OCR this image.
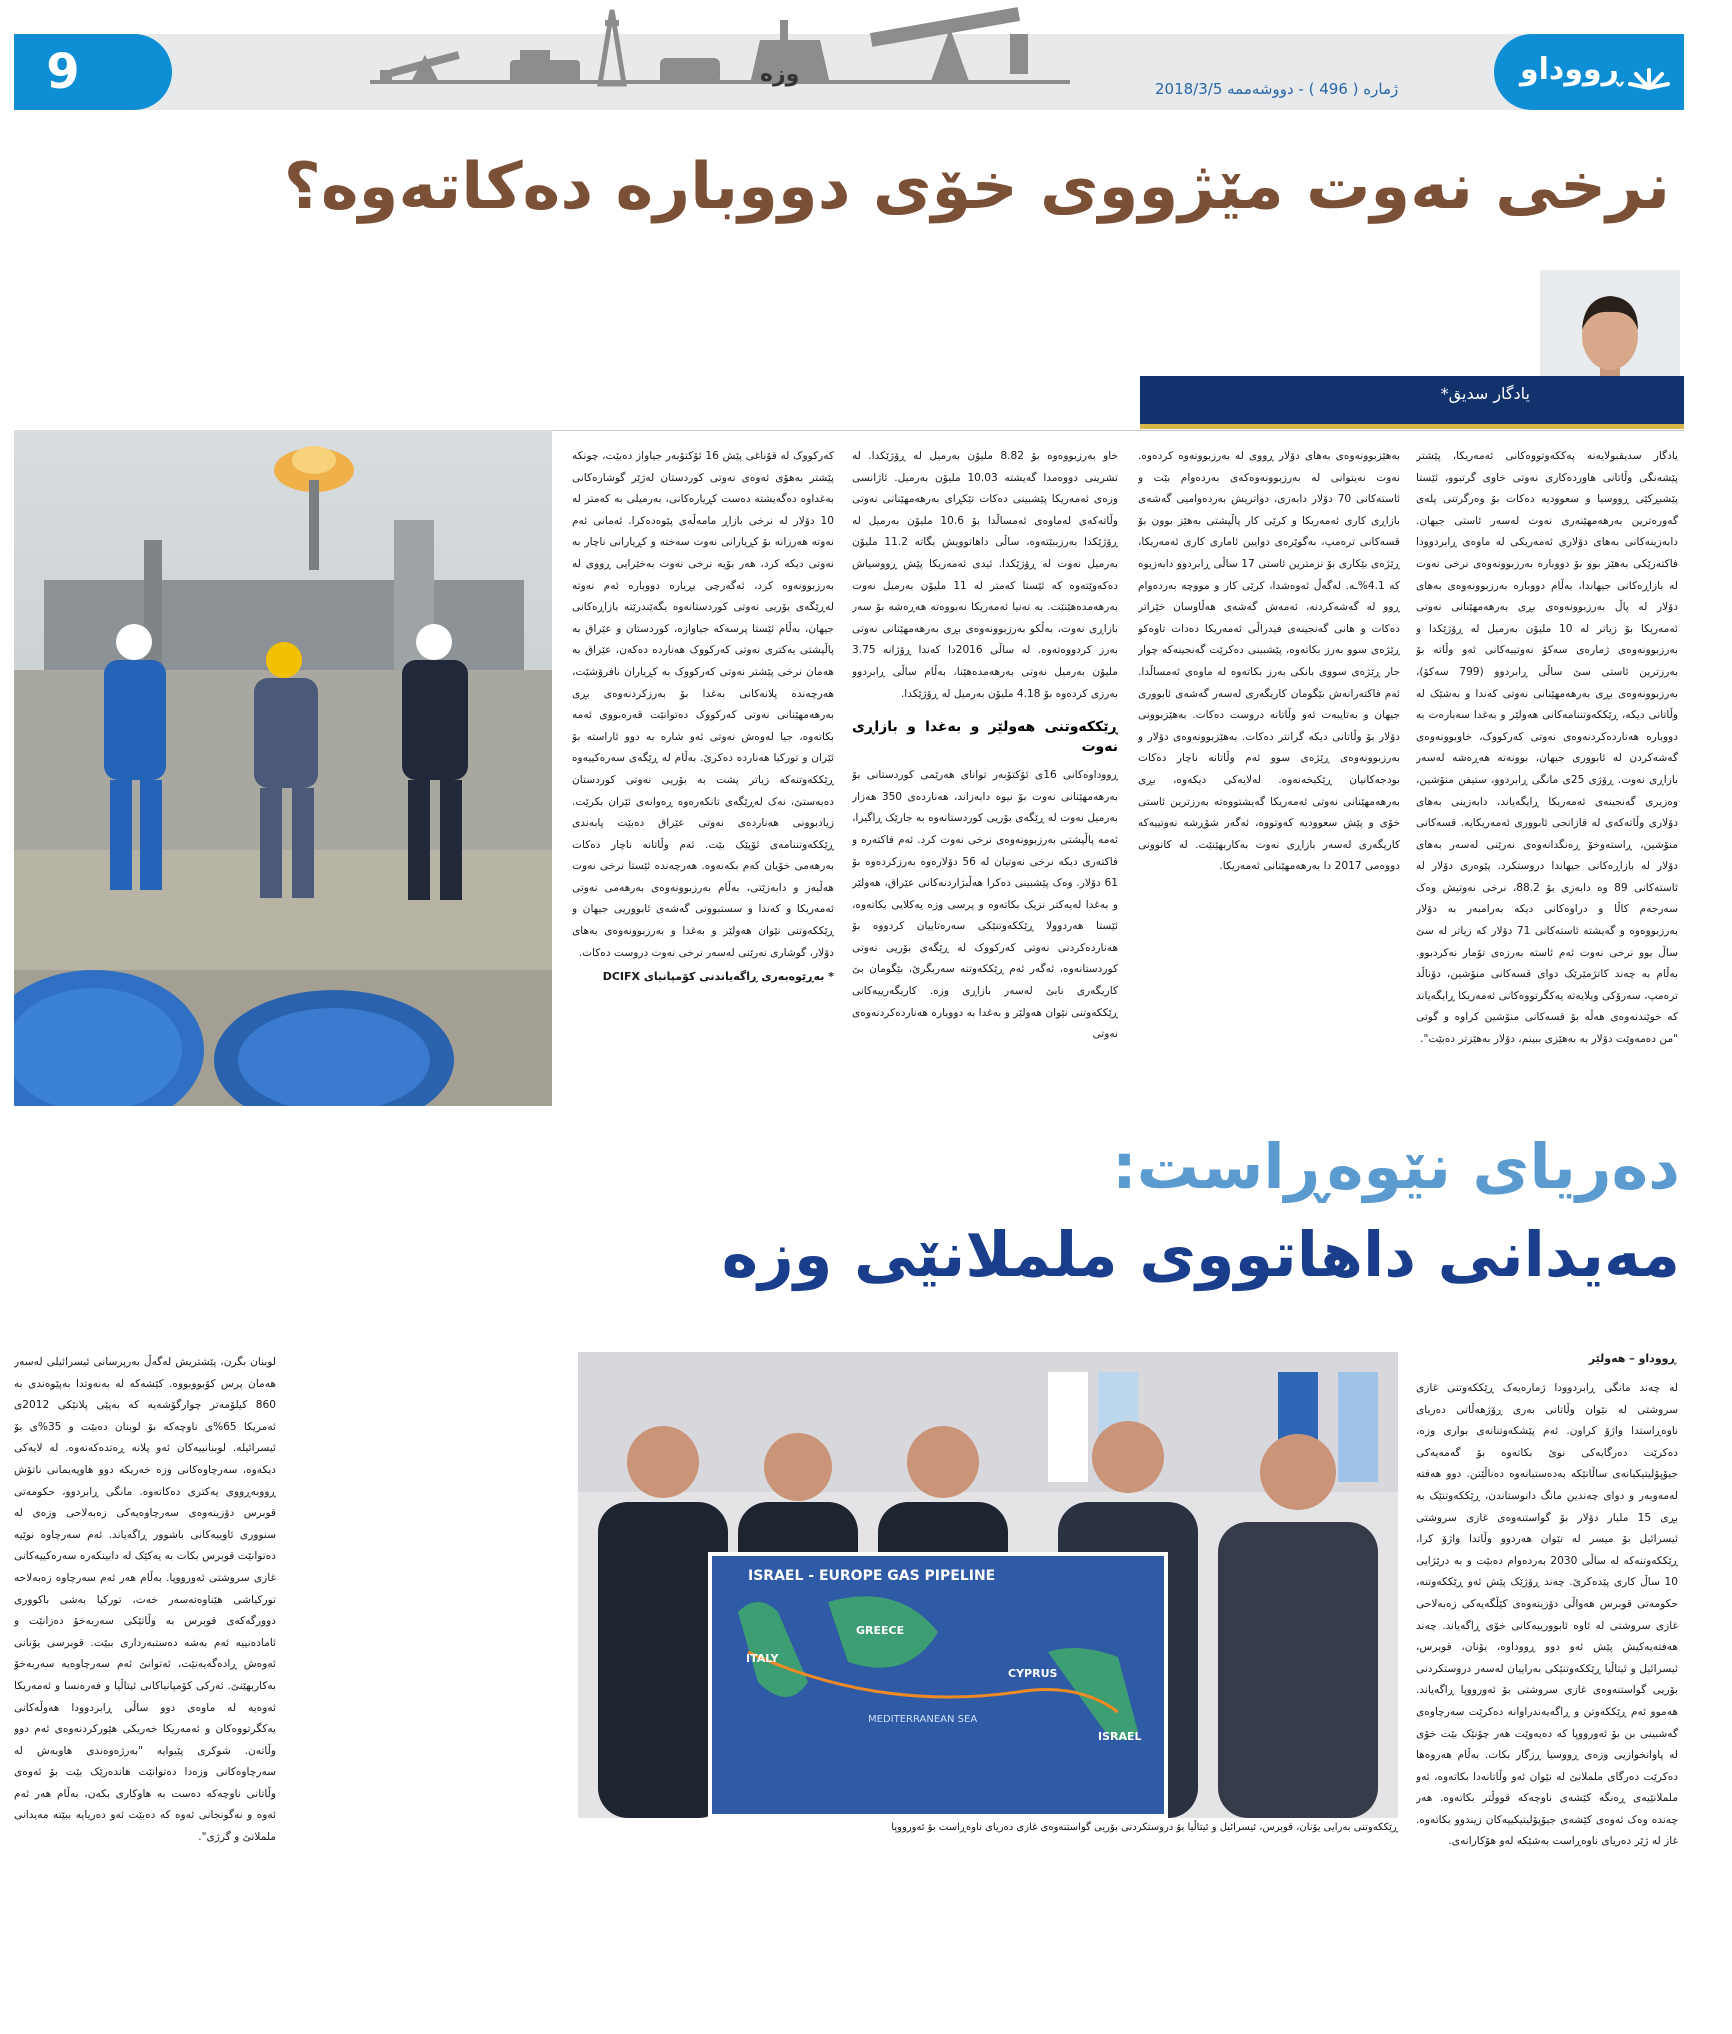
9	وزە
ژمارە ( 496 ) - دووشەممە 2018/3/5
ڕووداو
نرخی نەوت مێژووی خۆی دووبارە دەکاتەوە؟
یادگار سدیق*

یادگار سدیقبولایەنە پەککەوتووەکانی ئەمەریکا، پێشتر پێشەنگی وڵاتانی هاوردەکاری نەوتی خاوی گرتبوو، ئێستا پێشبڕکێی ڕووسیا و سعوودیە دەکات بۆ وەرگرتنی پلەی گەورەترین بەرهەمهێنەری نەوت لەسەر ئاستی جیهان. دابەزینەکانی بەهای دۆلاری ئەمەریکی لە ماوەی ڕابردوودا فاکتەرێکی بەهێز بوو بۆ دووبارە بەرزبوونەوەی نرخی نەوت لە بازاڕەکانی جیهاندا، بەڵام دووبارە بەرزبوونەوەی بەهای دۆلار لە پاڵ بەرزبوونەوەی بڕی بەرهەمهێنانی نەوتی ئەمەریکا بۆ زیاتر لە 10 ملیۆن بەرمیل لە ڕۆژێکدا و بەرزبوونەوەی ژمارەی سەکۆ نەوتییەکانی ئەو وڵاتە بۆ بەرزترین ئاستی سێ ساڵی ڕابردوو (799 سەکۆ)، بەرزبوونەوەی بڕی بەرهەمهێنانی نەوتی کەندا و بەشێک لە وڵاتانی دیکە، ڕێککەوتننامەکانی هەولێر و بەغدا سەبارەت بە دووبارە هەناردەکردنەوەی نەوتی کەرکووک، خاوبوونەوەی گەشەکردن لە ئابووری جیهان، بوونەتە هەڕەشە لەسەر بازاڕی نەوت. ڕۆژی 25ی مانگی ڕابردوو، ستیفن منۆشین، وەزیری گەنجینەی ئەمەریکا ڕایگەیاند، دابەزینی بەهای دۆلاری وڵاتەکەی لە قازانجی ئابووری ئەمەریکایە. قسەکانی منۆشین، ڕاستەوخۆ ڕەنگدانەوەی نەرێنی لەسەر بەهای دۆلار لە بازاڕەکانی جیهاندا دروستکرد. پێوەری دۆلار لە ئاستەکانی 89 وە دابەزی بۆ 88.2، نرخی نەوتیش وەک سەرجەم کاڵا و دراوەکانی دیکە بەرامبەر بە دۆلار بەرزبووەوە و گەیشتە ئاستەکانی 71 دۆلار کە زیاتر لە سێ ساڵ بوو نرخی نەوت ئەم ئاستە بەرزەی تۆمار نەکردبوو. بەڵام بە چەند کاتژمێرێک دوای قسەکانی منۆشین، دۆناڵد ترەمپ، سەرۆکی ویلایەتە یەکگرتووەکانی ئەمەریکا ڕایگەیاند کە خوێندنەوەی هەڵە بۆ قسەکانی منۆشین کراوە و گوتی "من دەمەوێت دۆلار بە بەهێزی ببینم، دۆلار بەهێزتر دەبێت".

بەهێزبوونەوەی بەهای دۆلار ڕووی لە بەرزبوونەوە کردەوە. نەوت نەیتوانی لە بەرزبوونەوەکەی بەردەوام بێت و ئاستەکانی 70 دۆلار دابەزی، دواتریش بەردەوامیی گەشەی بازاڕی کاری ئەمەریکا و کرێی کار پاڵپشتی بەهێز بوون بۆ قسەکانی ترەمپ، بەگوێرەی دوایین ئاماری کاری ئەمەریکا، ڕێژەی بێکاری بۆ نزمترین ئاستی 17 ساڵی ڕابردوو دابەزیوە کە 4.1%ـە. لەگەڵ ئەوەشدا، کرێی کار و مووچە بەردەوام ڕوو لە گەشەکردنە، ئەمەش گەشەی هەڵاوسان خێراتر دەکات و هانی گەنجینەی فیدراڵی ئەمەریکا دەدات تاوەکو ڕێژەی سوو بەرز بکاتەوە، پێشبینی دەکرێت گەنجینەکە چوار جار ڕێژەی سووی بانکی بەرز بکاتەوە لە ماوەی ئەمساڵدا. ئەم فاکتەرانەش بێگومان کاریگەری لەسەر گەشەی ئابووری جیهان و بەتایبەت ئەو وڵاتانە دروست دەکات. بەهێزبوونی دۆلار بۆ وڵاتانی دیکە گرانتر دەکات. بەهێزبوونەوەی دۆلار و بەرزبوونەوەی ڕێژەی سوو ئەم وڵاتانە ناچار دەکات بودجەکانیان ڕێکبخەنەوە. لەلایەکی دیکەوە، بڕی بەرهەمهێنانی نەوتی ئەمەریکا گەیشتووەتە بەرزترین ئاستی خۆی و پێش سعوودیە کەوتووە، ئەگەر شۆڕشە نەوتییەکە کاریگەری لەسەر بازاڕی نەوت بەکاربهێنێت. لە کانوونی دووەمی 2017 دا بەرهەمهێنانی ئەمەریکا.

خاو بەرزبووەوە بۆ 8.82 ملیۆن بەرمیل لە ڕۆژێکدا. لە تشرینی دووەمدا گەیشتە 10.03 ملیۆن بەرمیل. ئاژانسی وزەی ئەمەریکا پێشبینی دەکات تێکڕای بەرهەمهێنانی نەوتی وڵاتەکەی لەماوەی ئەمساڵدا بۆ 10.6 ملیۆن بەرمیل لە ڕۆژێکدا بەرزببێتەوە، ساڵی داهاتوویش بگاتە 11.2 ملیۆن بەرمیل نەوت لە ڕۆژێکدا. ئیدی ئەمەریکا پێش ڕووسیاش دەکەوێتەوە کە ئێستا کەمتر لە 11 ملیۆن بەرمیل نەوت بەرهەمدەهێنێت. بە تەنیا ئەمەریکا نەبووەتە هەڕەشە بۆ سەر بازاڕی نەوت، بەڵکو بەرزبوونەوەی بڕی بەرهەمهێنانی نەوتی بەرز کردووەتەوە. لە ساڵی 2016دا کەندا ڕۆژانە 3.75 ملیۆن بەرمیل نەوتی بەرهەمدەهێنا، بەڵام ساڵی ڕابردوو بەرزی کردەوە بۆ 4.18 ملیۆن بەرمیل لە ڕۆژێکدا.

ڕێککەوتنی هەولێر و بەغدا و بازاڕی نەوت

ڕووداوەکانی 16ی ئۆکتۆبەر توانای هەرێمی کوردستانی بۆ بەرهەمهێنانی نەوت بۆ نیوە دابەزاند، هەناردەی 350 هەزار بەرمیل نەوت لە ڕێگەی بۆریی کوردستانەوە بە جارێک ڕاگیرا، ئەمە پاڵپشتی بەرزبوونەوەی نرخی نەوت کرد. ئەم فاکتەرە و فاکتەری دیکە نرخی نەوتیان لە 56 دۆلارەوە بەرزکردەوە بۆ 61 دۆلار. وەک پێشبینی دەکرا هەڵبژاردنەکانی عێراق، هەولێر و بەغدا لەیەکتر نزیک بکاتەوە و پرسی وزە یەکلایی بکاتەوە، ئێستا هەردوولا ڕێککەوتنێکی سەرەتاییان کردووە بۆ هەناردەکردنی نەوتی کەرکووک لە ڕێگەی بۆریی نەوتی کوردستانەوە، ئەگەر ئەم ڕێککەوتنە سەربگرێ، بێگومان بێ کاریگەری نابێ لەسەر بازاڕی وزە. کاریگەرییەکانی ڕێککەوتنی نێوان هەولێر و بەغدا بە دووبارە هەناردەکردنەوەی نەوتی

کەرکووک لە قۆناغی پێش 16 ئۆکتۆبەر جیاواز دەبێت، چونکە پێشتر بەهۆی ئەوەی نەوتی کوردستان لەژێر گوشارەکانی بەغداوە دەگەیشتە دەست کڕیارەکانی، بەرمیلی بە کەمتر لە 10 دۆلار لە نرخی بازاڕ مامەڵەی پێوەدەکرا. ئەمانی ئەم نەوتە هەرزانە بۆ کڕیارانی نەوت سەختە و کڕیارانی ناچار بە نەوتی دیکە کرد، هەر بۆیە نرخی نەوت بەخێرایی ڕووی لە بەرزبوونەوە کرد، ئەگەرچی بڕیارە دووبارە ئەم نەوتە لەڕێگەی بۆریی نەوتی کوردستانەوە بگەێندرێتە بازاڕەکانی جیهان، بەڵام ئێستا پرسەکە جیاوازە، کوردستان و عێراق بە پاڵپشتی یەکتری نەوتی کەرکووک هەناردە دەکەن، عێراق بە هەمان نرخی پێشتر نەوتی کەرکووک بە کڕیاران نافرۆشێت، هەرچەندە پلانەکانی بەغدا بۆ بەرزکردنەوەی بڕی بەرهەمهێنانی نەوتی کەرکووک دەتوانێت قەرەبووی ئەمە بکاتەوە، جیا لەوەش نەوتی ئەو شارە بە دوو ئاراستە بۆ ئێران و تورکیا هەناردە دەکرێ. بەڵام لە ڕێگەی سەرەکییەوە ڕێککەوتنەکە زیاتر پشت بە بۆریی نەوتی کوردستان دەبەستێ، نەک لەڕێگەی تانکەرەوە ڕەوانەی ئێران بکرێت. زیادبوونی هەناردەی نەوتی عێراق دەبێت پابەندی ڕێککەوتننامەی ئۆپێک بێت. ئەم وڵاتانە ناچار دەکات بەرهەمی خۆیان کەم بکەنەوە. هەرچەندە ئێستا نرخی نەوت هەڵبەز و دابەزێتی، بەڵام بەرزبوونەوەی بەرهەمی نەوتی ئەمەریکا و کەندا و سستبوونی گەشەی ئابووریی جیهان و ڕێککەوتنی نێوان هەولێر و بەغدا و بەرزبوونەوەی بەهای دۆلار، گوشاری نەرێنی لەسەر نرخی نەوت دروست دەکات.

* بەڕێوەبەری ڕاگەیاندنی کۆمپانیای DCIFX
دەریای نێوەڕاست:
مەیدانی داهاتووی ململانێی وزە
ڕووداو – هەولێر
ISRAEL - EUROPE GAS PIPELINE
ITALY
GREECE
CYPRUS
ISRAEL
MEDITERRANEAN SEA
ڕێککەوتنی بەرایی یۆنان، قوبرس، ئیسرائیل و ئیتاڵیا بۆ دروستکردنی بۆریی گواستنەوەی غازی دەریای ناوەڕاست بۆ ئەورووپا

لە چەند مانگی ڕابردوودا ژمارەیەک ڕێککەوتنی غازی سروشتی لە نێوان وڵاتانی بەری ڕۆژهەڵاتی دەریای ناوەڕاستدا واژۆ کراون. ئەم پێشکەوتنانەی بواری وزە، دەکرێت دەرگایەکی نوێ بکاتەوە بۆ گەمەیەکی جیۆپۆلیتیکیانەی ساڵانێکە بەدەستیانەوە دەناڵێنن. دوو هەفتە لەمەوبەر و دوای چەندین مانگ دانوستاندن، ڕێککەوتنێک بە بڕی 15 ملیار دۆلار بۆ گواستنەوەی غازی سروشتی ئیسرائیل بۆ میسر لە نێوان هەردوو وڵاتدا واژۆ کرا، ڕێککەوتنەکە لە ساڵی 2030 بەردەوام دەبێت و بە درێژایی 10 ساڵ کاری پێدەکرێ. چەند ڕۆژێک پێش ئەو ڕێککەوتنە، حکومەتی قوبرس هەواڵی دۆزینەوەی کێڵگەیەکی زەبەلاحی غازی سروشتی لە ئاوە ئابوورییەکانی خۆی ڕاگەیاند. چەند هەفتەیەکیش پێش ئەو دوو ڕووداوە، یۆنان، قوبرس، ئیسرائیل و ئیتاڵیا ڕێککەوتنێکی بەراییان لەسەر دروستکردنی بۆریی گواستنەوەی غازی سروشتی بۆ ئەورووپا ڕاگەیاند. هەموو ئەم ڕێککەوتن و ڕاگەیەندراوانە دەکرێت سەرچاوەی گەشبینی بن بۆ ئەورووپا کە دەیەوێت هەر چۆنێک بێت خۆی لە پاوانخوازیی وزەی ڕووسیا ڕزگار بکات. بەڵام هەروەها دەکرێت دەرگای ململانێ لە نێوان ئەو وڵاتانەدا بکاتەوە، ئەو ململانێیەی ڕەنگە کێشەی ناوچەکە قووڵتر بکاتەوە. هەر چەندە وەک ئەوەی کێشەی جیۆپۆلیتیکییەکان زیندوو بکاتەوە. غاز لە ژێر دەریای ناوەڕاست بەشێکە لەو هۆکارانەی.

لوبنان بگرن، پێشتریش لەگەڵ بەرپرسانی ئیسرائیلی لەسەر هەمان پرس کۆبووبووە. کێشەکە لە بەنەوتدا بەپێوەندی بە 860 کیلۆمەتر چوارگۆشەیە کە بەپێی پلانێکی 2012ی ئەمریکا 65%ی ناوچەکە بۆ لوبنان دەبێت و 35%ی بۆ ئیسرائیلە. لوبنانییەکان ئەو پلانە ڕەتدەکەنەوە. لە لایەکی دیکەوە، سەرچاوەکانی وزە خەریکە دوو هاوپەیمانی ناتۆش ڕووبەڕووی یەکتری دەکاتەوە. مانگی ڕابردوو، حکومەتی قوبرس دۆزینەوەی سەرچاوەیەکی زەبەلاحی وزەی لە سنووری ئاوییەکانی باشوور ڕاگەیاند. ئەم سەرچاوە نوێیە دەتوانێت قوبرس بکات بە یەکێک لە دابینکەرە سەرەکییەکانی غازی سروشتی ئەورووپا. بەڵام هەر ئەم سەرچاوە زەبەلاحە تورکیاشی هێناوەتەسەر خەت، تورکیا بەشی باکووری دوورگەکەی قوبرس بە وڵاتێکی سەربەخۆ دەزانێت و ئامادەنییە ئەم بەشە دەستبەرداری ببێت. قوبرسی یۆنانی ئەوەش ڕادەگەیەنێت، ئەتوانێ ئەم سەرچاوەیە سەربەخۆ بەکاربهێنێ. ئەرکی کۆمپانیاکانی ئیتاڵیا و فەرەنسا و ئەمەریکا ئەوەیە لە ماوەی دوو ساڵی ڕابردوودا هەوڵەکانی یەکگرتووەکان و ئەمەریکا خەریکی هێورکردنەوەی ئەم دوو وڵاتەن. شوکری پێیوایە "بەرژەوەندی هاوبەش لە سەرچاوەکانی وزەدا دەتوانێت هاندەرێک بێت بۆ ئەوەی وڵاتانی ناوچەکە دەست بە هاوکاری بکەن، بەڵام هەر ئەم ئەوە و نەگونجانی ئەوە کە دەبێت ئەو دەریایە ببێتە مەیدانی ململانێ و گرژی".
